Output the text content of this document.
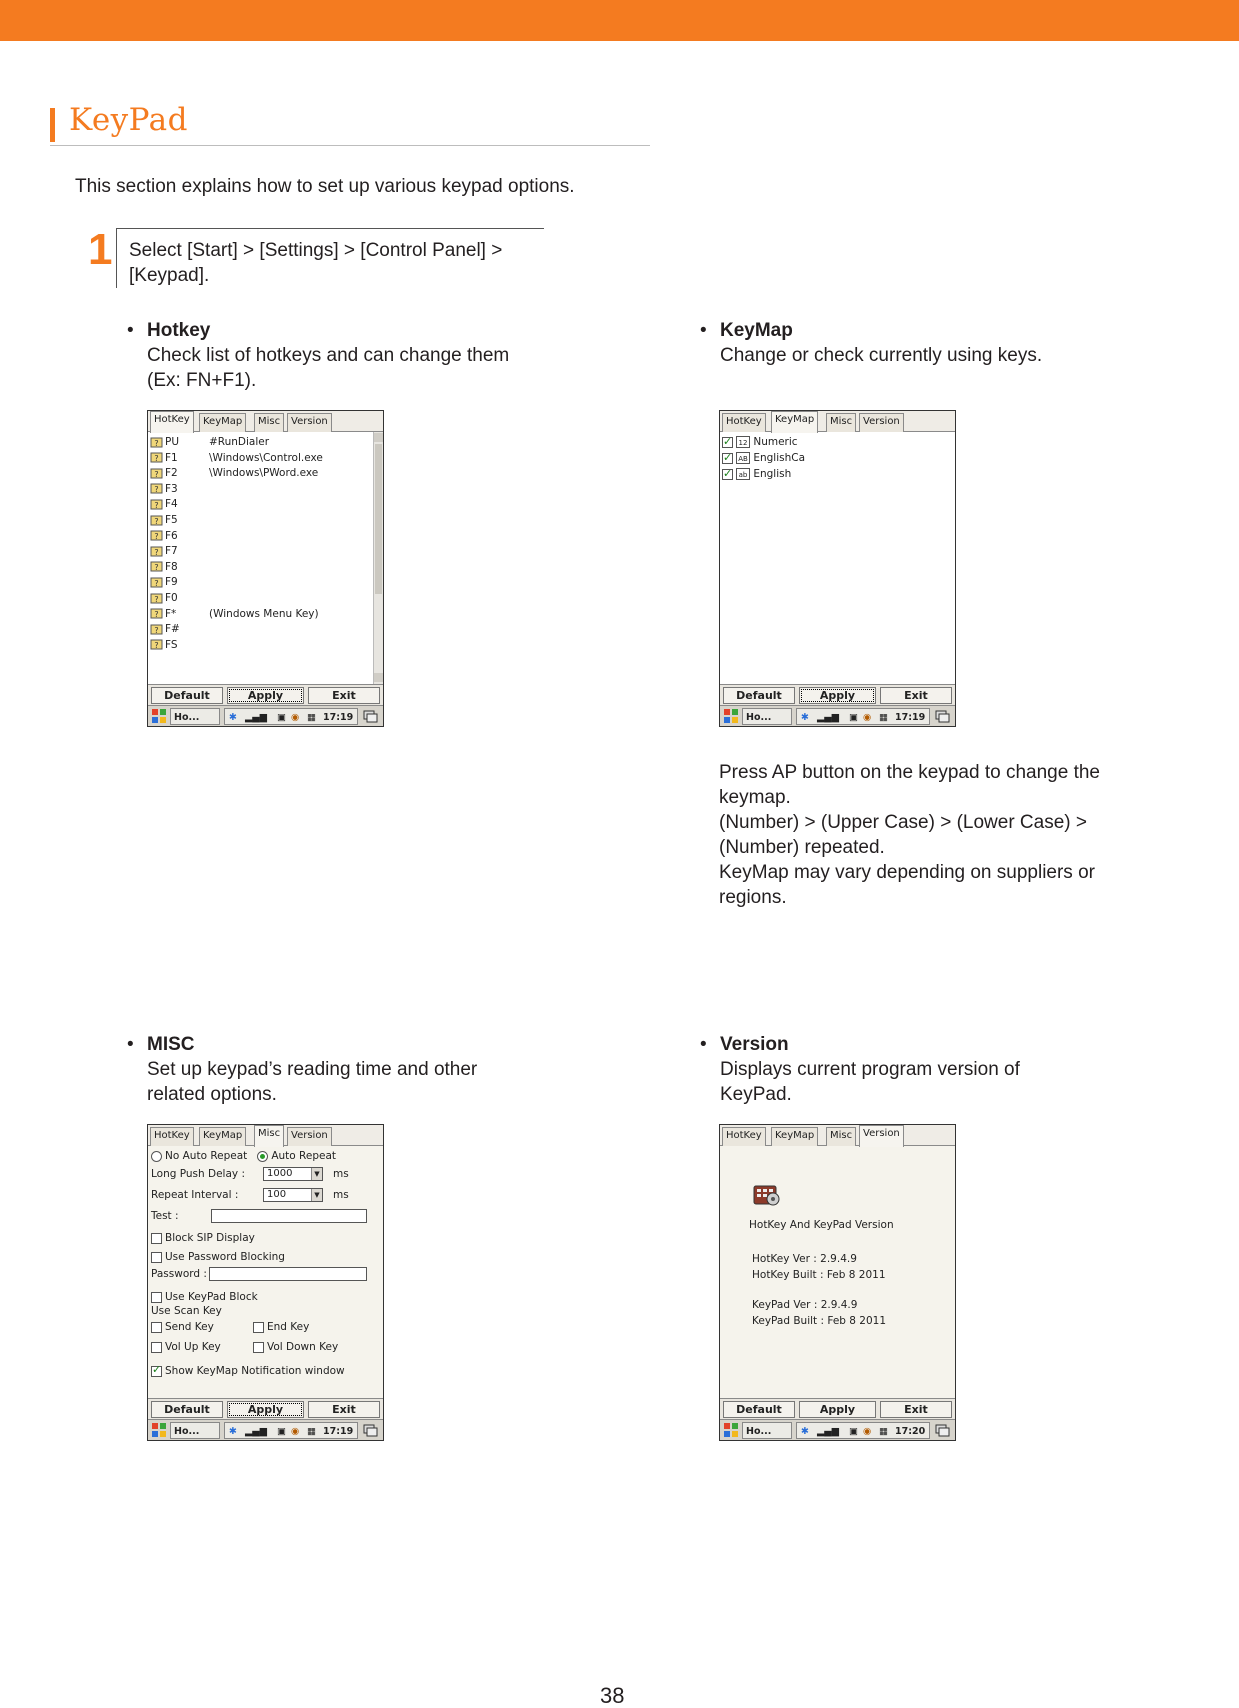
KeyPad
This section explains how to set up various keypad options.
1 Select [Start] > [Settings] > [Control Panel] > [Keypad].
• Hotkey
Check list of hotkeys and can change them
(Ex: FN+F1).
• KeyMap
Change or check currently using keys.
• MISC
Set up keypad’s reading time and other
related options.
• Version
Displays current program version of
KeyPad.
HotKey	KeyMap	Misc	Version
? PU	#RunDialer
? F1	\Windows\Control.exe
? F2	\Windows\PWord.exe
? F3
? F4
? F5
? F6
? F7
? F8
? F9
? F0
? F*	(Windows Menu Key)
? F#
? FS
Default	Apply	Exit
Ho...	✱ ▂▄▆ ▣ ◉ ▦ 17:19
HotKey	KeyMap	Misc	Version
✓12 Numeric
✓AB EnglishCa
✓ab English
Default	Apply	Exit
Ho...	✱ ▂▄▆ ▣ ◉ ▦ 17:19

Press AP button on the keypad to change the

keymap.

(Number) > (Upper Case) > (Lower Case) >

(Number) repeated.

KeyMap may vary depending on suppliers or

regions.

HotKey	KeyMap	Misc	Version
No Auto Repeat Auto Repeat
Long Push Delay : 1000	▼ ms
Repeat Interval :	100	▼ ms
Test :
Block SIP Display
Use Password Blocking
Password :
Use KeyPad Block
Use Scan Key
Send Key	End Key
Vol Up Key	Vol Down Key
✓Show KeyMap Notification window
Default	Apply	Exit
Ho...	✱ ▂▄▆ ▣ ◉ ▦ 17:19
HotKey	KeyMap	Misc	Version
HotKey And KeyPad Version
HotKey Ver : 2.9.4.9
HotKey Built : Feb 8 2011
KeyPad Ver : 2.9.4.9
KeyPad Built : Feb 8 2011
Default	Apply	Exit
Ho...	✱ ▂▄▆ ▣ ◉ ▦ 17:20
38
